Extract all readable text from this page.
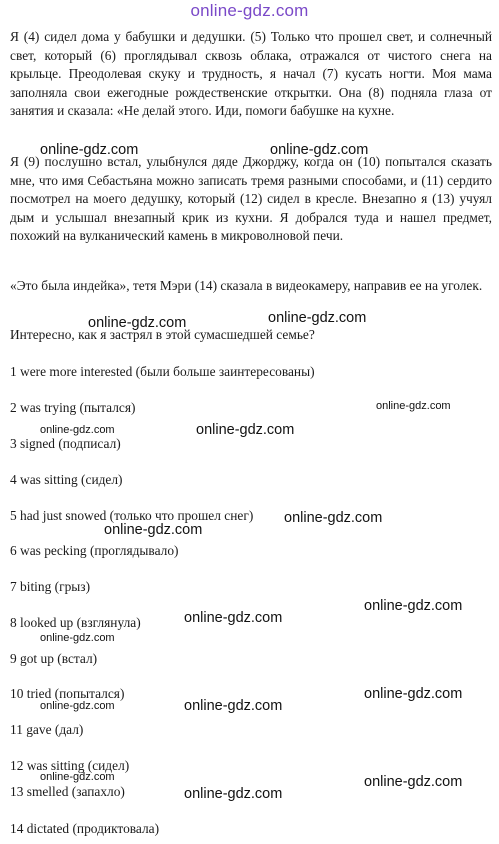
online-gdz.com

Я (4) сидел дома у бабушки и дедушки. (5) Только что прошел свет, и солнечный свет, который (6) проглядывал сквозь облака, отражался от чистого снега на крыльце. Преодолевая скуку и трудность, я начал (7) кусать ногти. Моя мама заполняла свои ежегодные рождественские открытки. Она (8) подняла глаза от занятия и сказала: «Не делай этого. Иди, помоги бабушке на кухне.

Я (9) послушно встал, улыбнулся дяде Джорджу, когда он (10) попытался сказать мне, что имя Себастьяна можно записать тремя разными способами, и (11) сердито посмотрел на моего дедушку, который (12) сидел в кресле. Внезапно я (13) учуял дым и услышал внезапный крик из кухни. Я добрался туда и нашел предмет, похожий на вулканический камень в микроволновой печи.

«Это была индейка», тетя Мэри (14) сказала в видеокамеру, направив ее на уголек.

Интересно, как я застрял в этой сумасшедшей семье?

1 were more interested (были больше заинтересованы)

2 was trying (пытался)

3 signed (подписал)

4 was sitting (сидел)

5 had just snowed (только что прошел снег)

6 was pecking (проглядывало)

7 biting (грыз)

8 looked up (взглянула)

9 got up (встал)

10 tried (попытался)

11 gave (дал)

12 was sitting (сидел)

13 smelled (запахло)

14 dictated (продиктовала)

online-gdz.com	online-gdz.com
online-gdz.com	online-gdz.com
online-gdz.com
online-gdz.com	online-gdz.com
online-gdz.com
online-gdz.com
online-gdz.com
online-gdz.com
online-gdz.com
online-gdz.com
online-gdz.com	online-gdz.com
online-gdz.com	online-gdz.com
online-gdz.com
